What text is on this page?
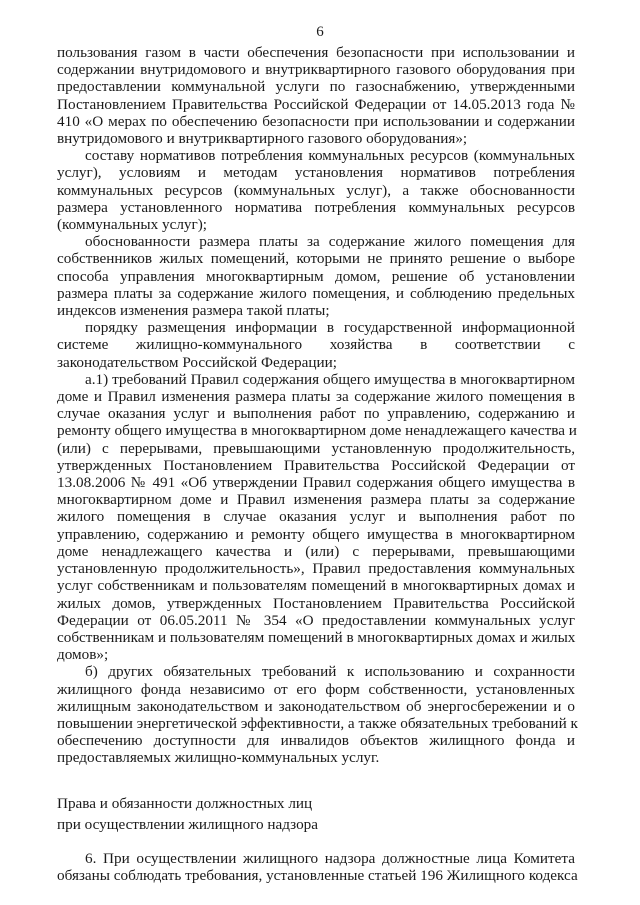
6
пользования газом в части обеспечения безопасности при использовании и
содержании внутридомового и внутриквартирного газового оборудования при
предоставлении коммунальной услуги по газоснабжению, утвержденными
Постановлением Правительства Российской Федерации от 14.05.2013 года №
410 «О мерах по обеспечению безопасности при использовании и содержании
внутридомового и внутриквартирного газового оборудования»;
составу нормативов потребления коммунальных ресурсов (коммунальных
услуг), условиям и методам установления нормативов потребления
коммунальных ресурсов (коммунальных услуг), а также обоснованности
размера установленного норматива потребления коммунальных ресурсов
(коммунальных услуг);
обоснованности размера платы за содержание жилого помещения для
собственников жилых помещений, которыми не принято решение о выборе
способа управления многоквартирным домом, решение об установлении
размера платы за содержание жилого помещения, и соблюдению предельных
индексов изменения размера такой платы;
порядку размещения информации в государственной информационной
системе жилищно-коммунального хозяйства в соответствии с
законодательством Российской Федерации;
а.1) требований Правил содержания общего имущества в многоквартирном
доме и Правил изменения размера платы за содержание жилого помещения в
случае оказания услуг и выполнения работ по управлению, содержанию и
ремонту общего имущества в многоквартирном доме ненадлежащего качества и
(или) с перерывами, превышающими установленную продолжительность,
утвержденных Постановлением Правительства Российской Федерации от
13.08.2006 № 491 «Об утверждении Правил содержания общего имущества в
многоквартирном доме и Правил изменения размера платы за содержание
жилого помещения в случае оказания услуг и выполнения работ по
управлению, содержанию и ремонту общего имущества в многоквартирном
доме ненадлежащего качества и (или) с перерывами, превышающими
установленную продолжительность», Правил предоставления коммунальных
услуг собственникам и пользователям помещений в многоквартирных домах и
жилых домов, утвержденных Постановлением Правительства Российской
Федерации от 06.05.2011 № 354 «О предоставлении коммунальных услуг
собственникам и пользователям помещений в многоквартирных домах и жилых
домов»;
б) других обязательных требований к использованию и сохранности
жилищного фонда независимо от его форм собственности, установленных
жилищным законодательством и законодательством об энергосбережении и о
повышении энергетической эффективности, а также обязательных требований к
обеспечению доступности для инвалидов объектов жилищного фонда и
предоставляемых жилищно-коммунальных услуг.
Права и обязанности должностных лиц
при осуществлении жилищного надзора
6. При осуществлении жилищного надзора должностные лица Комитета
обязаны соблюдать требования, установленные статьей 196 Жилищного кодекса
